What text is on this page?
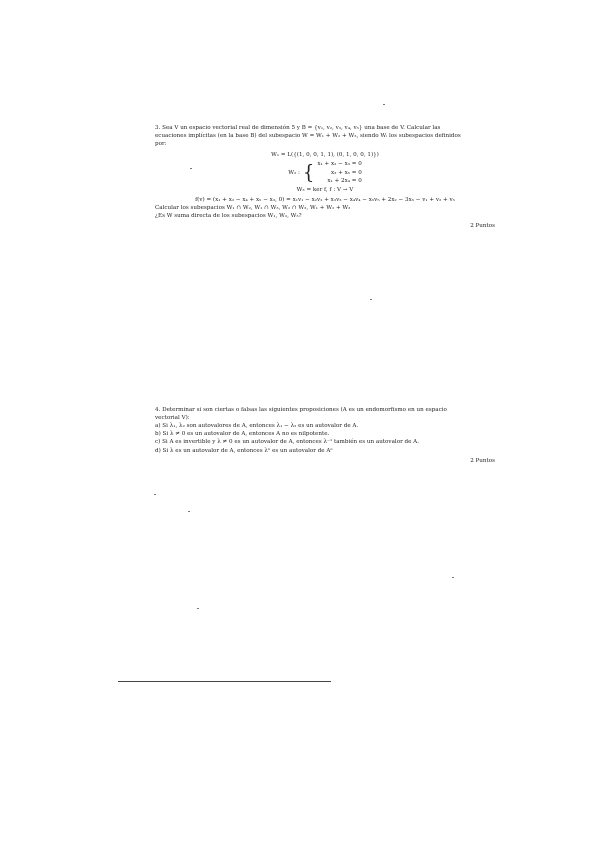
3. Sea V un espacio vectorial real de dimensión 5 y B = {v₁, v₂, v₃, v₄, v₅} una base de V. Calcular las

ecuaciones implícitas (en la base B) del subespacio W = W₁ + W₂ + W₃, siendo Wᵢ los subespacios definidos

por:

W₁ = L({(1, 0, 0, 1, 1), (0, 1, 0, 0, 1)})

W₂ : { x₁ + x₂ − x₃ = 0
x₃ + x₅ = 0
x₁ + 2x₄ = 0

W₃ = ker f, f : V → V

f(v) = (x₁ + x₂ − x₄ + x₅ − x₃, 0) = x₁v₁ − x₂v₂ + x₃v₃ − x₄v₄ − x₅v₅ + 2x₂ − 3x₅ − v₁ + v₂ + v₅

Calcular los subespacios W₁ ∩ W₂, W₁ ∩ W₃, W₂ ∩ W₃, W₁ + W₂ + W₃

¿Es W suma directa de los subespacios W₁, W₂, W₃?

2 Puntos

4. Determinar si son ciertas o falsas las siguientes proposiciones (A es un endomorfismo en un espacio

vectorial V):

a) Si λ₁, λ₂ son autovalores de A, entonces λ₁ − λ₂ es un autovalor de A.

b) Si λ ≠ 0 es un autovalor de A, entonces A no es nilpotente.

c) Si A es invertible y λ ≠ 0 es un autovalor de A, entonces λ⁻¹ también es un autovalor de A.

d) Si λ es un autovalor de A, entonces λⁿ es un autovalor de Aⁿ

2 Puntos
